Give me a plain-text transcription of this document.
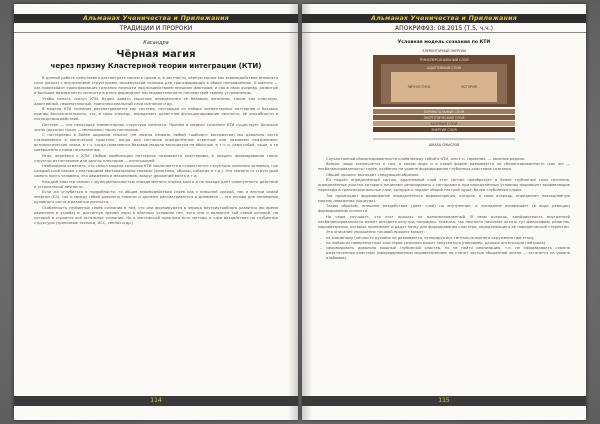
Альманах Ученичества и Прилежания
ТРАДИЦИИ И ПРОРОКИ
Касандра
Чёрная магия
через призму Кластерной теории интеграции (КТИ)

В данной работе попытаемся рассмотреть магию в целом и, в частности, чёрную магию как взаимодействие внешнего слоя (реала) с внутренними структурами человеческой психики для трансформации в обоих направлениях. А именно — как происходит трансформация сознания личности под воздействием внешних факторов, и как в свою очередь, развитые и большие возможности личности в итоге формируют последовательность последствий своему устремлению.

Чтобы понять «силу» КТИ, будем давать короткие определения её базовым понятиям, таким как кластеры, адаптивный, перинатальный, трансперсональный слои сознания и др.

В модели КТИ сознание рассматривается как система, состоящая из набора элементарных паттернов и базовых единиц бессознательного, что, в свою очередь, определяет целостное функционирование личности, её способности и последствия действий.

Паттерн — это некоторая элементарная структура личности. Причём в модели сознания КТИ существует большое число (десятки тысяч — миллионы) таких паттернов.

С паттернами в более широком смысле (не можно назвать любой «шаблон» восприятия) мы довольно часто сталкиваемся в магической практике, когда для сигналов определённые ответные или называем «вызрением» астрологические знаки, в т.ч. когда появляются базовые модели восприятия не обычные, в т.ч. и, само собой, чаще, а то совершенно с ними не связанные.

Итак, вернёмся к КТИ. Любые комбинации паттернов называются кластерами, а процесс формирования таких структур из паттернов или других кластеров — интеграцией.

Необходимо отметить, что смысл модели сознания КТИ заключается в «слоистости» структуры сознания человека, где каждый слой связан с настоящими вертикальными связями (архетипы, образы, события и т.д.). Это связано со структурой самого мозга человека, его движения и механизмов, вокруг движений мозга и т.д.

Каждый кластер связан с функциональностью определённого отдела мозга и на выходе даёт совокупность действий и устремлений личности.

Если же углубиться в подробности, то общие взаимодействия слоёв как с внешней средой, так и внутри самой энергии (ЕЭ), так и между собой довольно сложны и должны рассматриваться в динамике — это основа для понимания духовного роста в развитии личности.

Особенность глубинных слоёв сознания в том, что они формируются в период внутриутробного развития (во время движения в утробе) и, достигнув зрелой поры в обычных условиях нет, хотя они и являются той самой основой, на которой и строится всё остальное сознание. Но в магической практике есть методы и слои воздействия на глубинные структуры (трансовые техники, ИСС, гипноз и др.)

114
Альманах Ученичества и Прилежания
АПОКРИФ93: 08.2015 (Т.5, ч.ч.)
Условная модель сознания по КТИ
ЭЛЕМЕНТАРНЫЙ ЭНЕРГИИ
ТРАНСПЕРСОНАЛЬНЫЙ СЛОЙ
АДАПТИВНЫЙ СЛОЙ
ЛИЧНОСТНОЕ	ИСТОРИЯ
ПЕРИНАТАЛЬНЫЙ СЛОЙ
ЭНЕРГЕТИЧЕСКИЙ СЛОЙ
БАЗОВЫЙ СЛОЙ
ЭНЕРГИЯ СЛОЯ
ШКАЛА СМЫСЛОВ

Случаи полной сбалансированности слоёв между собой в КТИ, или т.н. гармония, — явление редкое.

Вопрос чаще заключается в том, в каком виде и в какой форме развивается не сбалансированность (как же — несбалансированность) слоёв, особенно на уровне формирования глубинных кластеров сознания.

Общий процесс выглядит следующим образом:

ВЭ подаёт определённый сигнал, адаптивный слой этот сигнал преобразует в более глубинные слои сознания, определённые участки которого начинают резонировать с сигналами и при определённых условиях формирует вызревающие переходы в трансперсональные слои, которые и задают общий настрой душе, более глубинным слоям.

Так происходит формирование определённого мировоззрения, которое, в свою очередь, определяет повседневную модель поведения (социума).

Таким образом, внешнее воздействие (даёт слой) на внутренние, и последнее возвращает (в виде реакции) формированию личности.

На чаще улучшить, что этот процесс не однонаправленный. В свою очередь, конфликтность внутренней несбалансированности может исходить изнутри, например, тяжелая, так личность начинает искать тут философию, религию, мировоззрение, которые принимают и дадут почву для формирования кластера, определяющего её поведенческий стереотип.

Это описание упрощённо таковой процесс может:

– не взаимному (личность духовно не развивается, игнорируя все сигналы внешнего окружения при этом);
– на любом из поверхностных кластеров сознания может запускаться (например, дальше интеграции нейтрала);
– сформировать довольно мощный глубинный кластер, но не найти реализацию, т.е. не сформировать сложно ожесточенные кластеры (сформированным мировоззрением не станет частью обыденной жизни — останется на уровне альбомов).
115
